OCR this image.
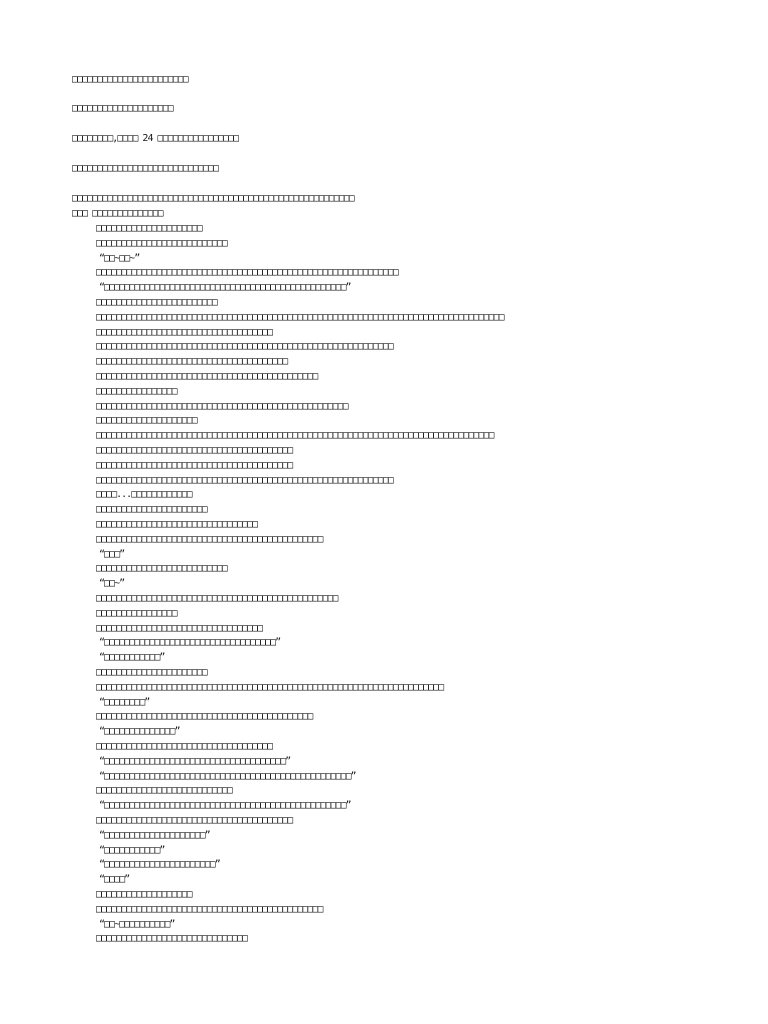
□□□□□□□□□□□□□□□□□□□□□□□
□□□□□□□□□□□□□□□□□□□□
□□□□□□□□,□□□□ 24 □□□□□□□□□□□□□□□□
□□□□□□□□□□□□□□□□□□□□□□□□□□□□□
□□□□□□□□□□□□□□□□□□□□□□□□□□□□□□□□□□□□□□□□□□□□□□□□□□□□□□□□
□□□ □□□□□□□□□□□□□□
□□□□□□□□□□□□□□□□□□□□□
□□□□□□□□□□□□□□□□□□□□□□□□□□
“□□~□□~”
□□□□□□□□□□□□□□□□□□□□□□□□□□□□□□□□□□□□□□□□□□□□□□□□□□□□□□□□□□□□
“□□□□□□□□□□□□□□□□□□□□□□□□□□□□□□□□□□□□□□□□□□□□□□□□”
□□□□□□□□□□□□□□□□□□□□□□□□
□□□□□□□□□□□□□□□□□□□□□□□□□□□□□□□□□□□□□□□□□□□□□□□□□□□□□□□□□□□□□□□□□□□□□□□□□□□□□□□□□
□□□□□□□□□□□□□□□□□□□□□□□□□□□□□□□□□□□
□□□□□□□□□□□□□□□□□□□□□□□□□□□□□□□□□□□□□□□□□□□□□□□□□□□□□□□□□□□
□□□□□□□□□□□□□□□□□□□□□□□□□□□□□□□□□□□□□□
□□□□□□□□□□□□□□□□□□□□□□□□□□□□□□□□□□□□□□□□□□□□
□□□□□□□□□□□□□□□□
□□□□□□□□□□□□□□□□□□□□□□□□□□□□□□□□□□□□□□□□□□□□□□□□□□
□□□□□□□□□□□□□□□□□□□□
□□□□□□□□□□□□□□□□□□□□□□□□□□□□□□□□□□□□□□□□□□□□□□□□□□□□□□□□□□□□□□□□□□□□□□□□□□□□□□□
□□□□□□□□□□□□□□□□□□□□□□□□□□□□□□□□□□□□□□□
□□□□□□□□□□□□□□□□□□□□□□□□□□□□□□□□□□□□□□□
□□□□□□□□□□□□□□□□□□□□□□□□□□□□□□□□□□□□□□□□□□□□□□□□□□□□□□□□□□□
□□□□...□□□□□□□□□□□□
□□□□□□□□□□□□□□□□□□□□□□
□□□□□□□□□□□□□□□□□□□□□□□□□□□□□□□□
□□□□□□□□□□□□□□□□□□□□□□□□□□□□□□□□□□□□□□□□□□□□□
“□□□”
□□□□□□□□□□□□□□□□□□□□□□□□□□
“□□~”
□□□□□□□□□□□□□□□□□□□□□□□□□□□□□□□□□□□□□□□□□□□□□□□□
□□□□□□□□□□□□□□□□
□□□□□□□□□□□□□□□□□□□□□□□□□□□□□□□□□
“□□□□□□□□□□□□□□□□□□□□□□□□□□□□□□□□□□”
“□□□□□□□□□□□”
□□□□□□□□□□□□□□□□□□□□□□
□□□□□□□□□□□□□□□□□□□□□□□□□□□□□□□□□□□□□□□□□□□□□□□□□□□□□□□□□□□□□□□□□□□□□
“□□□□□□□□”
□□□□□□□□□□□□□□□□□□□□□□□□□□□□□□□□□□□□□□□□□□□
“□□□□□□□□□□□□□□”
□□□□□□□□□□□□□□□□□□□□□□□□□□□□□□□□□□□
“□□□□□□□□□□□□□□□□□□□□□□□□□□□□□□□□□□□□”
“□□□□□□□□□□□□□□□□□□□□□□□□□□□□□□□□□□□□□□□□□□□□□□□□□”
□□□□□□□□□□□□□□□□□□□□□□□□□□□
“□□□□□□□□□□□□□□□□□□□□□□□□□□□□□□□□□□□□□□□□□□□□□□□□”
□□□□□□□□□□□□□□□□□□□□□□□□□□□□□□□□□□□□□□□
“□□□□□□□□□□□□□□□□□□□□”
“□□□□□□□□□□□”
“□□□□□□□□□□□□□□□□□□□□□□”
“□□□□”
□□□□□□□□□□□□□□□□□□□
□□□□□□□□□□□□□□□□□□□□□□□□□□□□□□□□□□□□□□□□□□□□□
“□□~□□□□□□□□□□”
□□□□□□□□□□□□□□□□□□□□□□□□□□□□□□
